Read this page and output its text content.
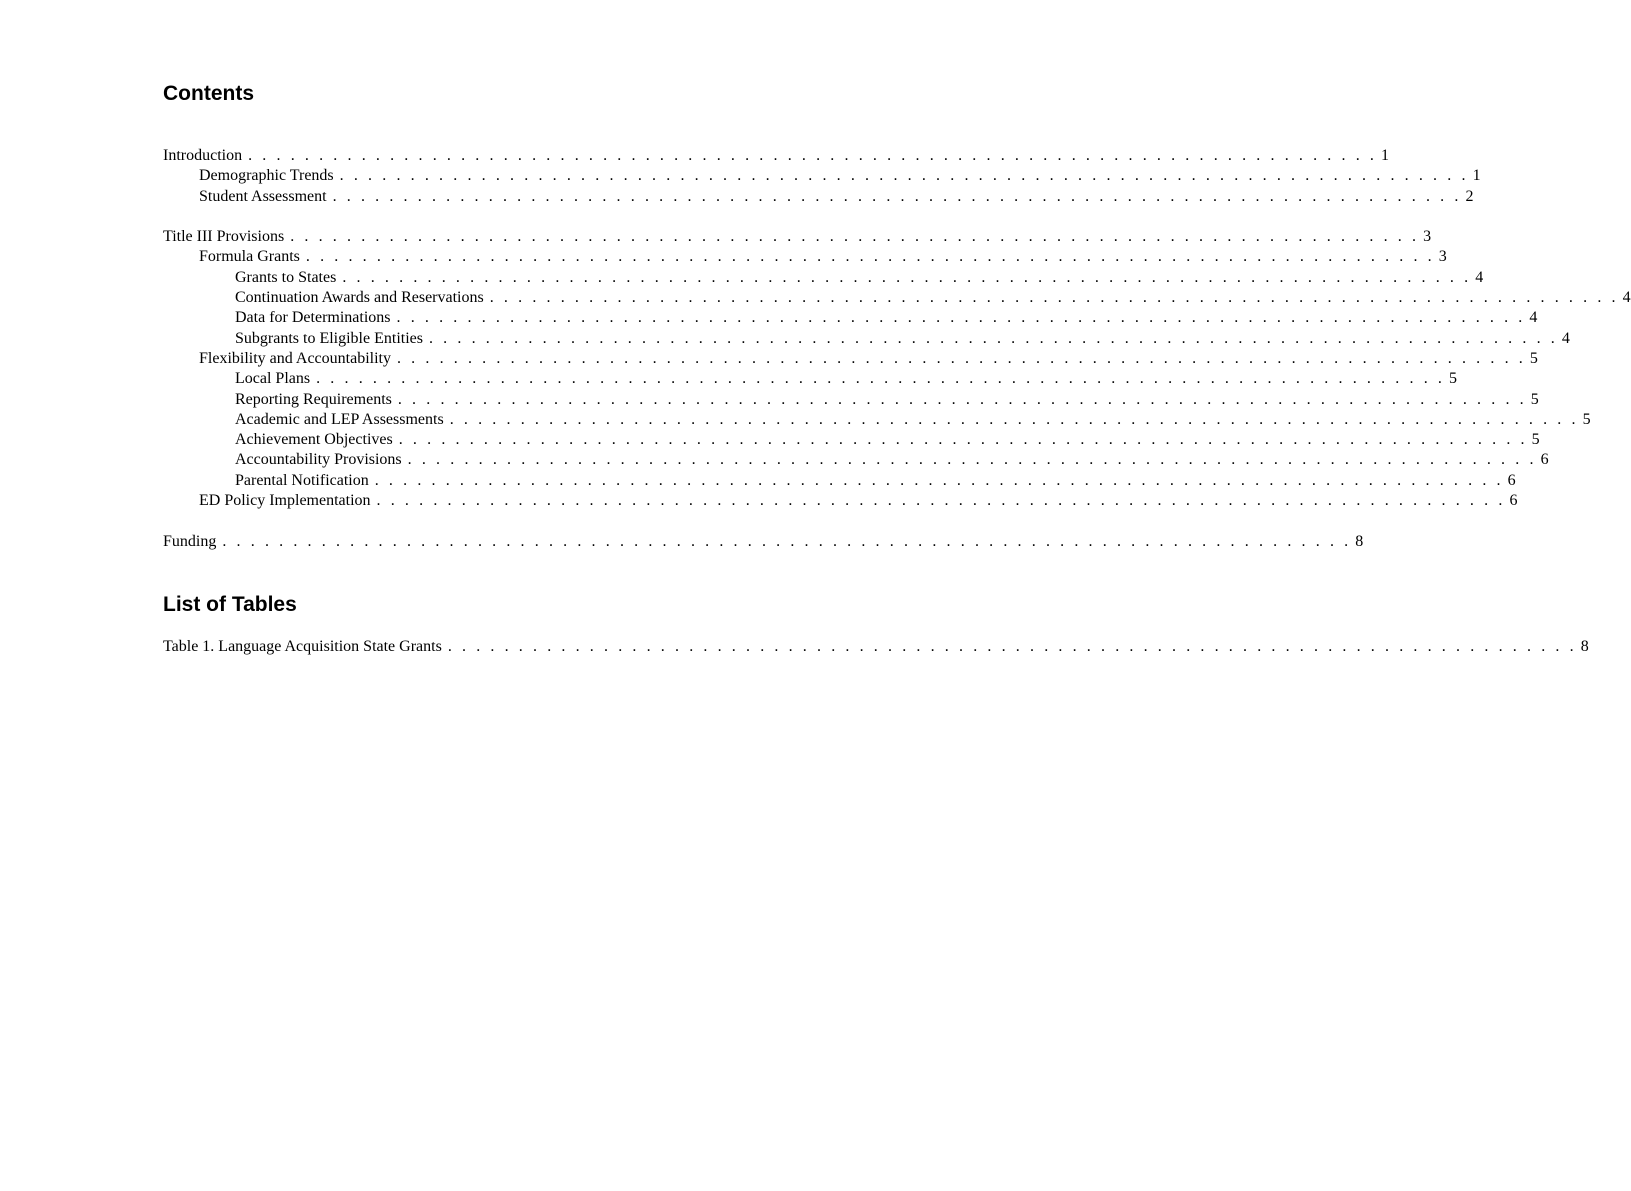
Contents
Introduction . . . . . . . . . . . . . . . . . . . . . . . . . . . . . . . . . . . . . . . . . . . . . . . . . . . . . . . . . . . . . . . . . . . . . . . . . . . . . . . . 1
Demographic Trends . . . . . . . . . . . . . . . . . . . . . . . . . . . . . . . . . . . . . . . . . . . . . . . . . . . . . . . . . . . . . . . . . . . . . . . . . . . . . . . . 1
Student Assessment . . . . . . . . . . . . . . . . . . . . . . . . . . . . . . . . . . . . . . . . . . . . . . . . . . . . . . . . . . . . . . . . . . . . . . . . . . . . . . . . 2
Title III Provisions . . . . . . . . . . . . . . . . . . . . . . . . . . . . . . . . . . . . . . . . . . . . . . . . . . . . . . . . . . . . . . . . . . . . . . . . . . . . . . . . 3
Formula Grants . . . . . . . . . . . . . . . . . . . . . . . . . . . . . . . . . . . . . . . . . . . . . . . . . . . . . . . . . . . . . . . . . . . . . . . . . . . . . . . . 3
Grants to States . . . . . . . . . . . . . . . . . . . . . . . . . . . . . . . . . . . . . . . . . . . . . . . . . . . . . . . . . . . . . . . . . . . . . . . . . . . . . . . . 4
Continuation Awards and Reservations . . . . . . . . . . . . . . . . . . . . . . . . . . . . . . . . . . . . . . . . . . . . . . . . . . . . . . . . . . . . . . . . . . . . . . . . . . . . . . . . 4
Data for Determinations . . . . . . . . . . . . . . . . . . . . . . . . . . . . . . . . . . . . . . . . . . . . . . . . . . . . . . . . . . . . . . . . . . . . . . . . . . . . . . . . 4
Subgrants to Eligible Entities . . . . . . . . . . . . . . . . . . . . . . . . . . . . . . . . . . . . . . . . . . . . . . . . . . . . . . . . . . . . . . . . . . . . . . . . . . . . . . . . 4
Flexibility and Accountability . . . . . . . . . . . . . . . . . . . . . . . . . . . . . . . . . . . . . . . . . . . . . . . . . . . . . . . . . . . . . . . . . . . . . . . . . . . . . . . . 5
Local Plans . . . . . . . . . . . . . . . . . . . . . . . . . . . . . . . . . . . . . . . . . . . . . . . . . . . . . . . . . . . . . . . . . . . . . . . . . . . . . . . . 5
Reporting Requirements . . . . . . . . . . . . . . . . . . . . . . . . . . . . . . . . . . . . . . . . . . . . . . . . . . . . . . . . . . . . . . . . . . . . . . . . . . . . . . . . 5
Academic and LEP Assessments . . . . . . . . . . . . . . . . . . . . . . . . . . . . . . . . . . . . . . . . . . . . . . . . . . . . . . . . . . . . . . . . . . . . . . . . . . . . . . . . 5
Achievement Objectives . . . . . . . . . . . . . . . . . . . . . . . . . . . . . . . . . . . . . . . . . . . . . . . . . . . . . . . . . . . . . . . . . . . . . . . . . . . . . . . . 5
Accountability Provisions . . . . . . . . . . . . . . . . . . . . . . . . . . . . . . . . . . . . . . . . . . . . . . . . . . . . . . . . . . . . . . . . . . . . . . . . . . . . . . . . 6
Parental Notification . . . . . . . . . . . . . . . . . . . . . . . . . . . . . . . . . . . . . . . . . . . . . . . . . . . . . . . . . . . . . . . . . . . . . . . . . . . . . . . . 6
ED Policy Implementation . . . . . . . . . . . . . . . . . . . . . . . . . . . . . . . . . . . . . . . . . . . . . . . . . . . . . . . . . . . . . . . . . . . . . . . . . . . . . . . . 6
Funding . . . . . . . . . . . . . . . . . . . . . . . . . . . . . . . . . . . . . . . . . . . . . . . . . . . . . . . . . . . . . . . . . . . . . . . . . . . . . . . . 8
List of Tables
Table 1. Language Acquisition State Grants . . . . . . . . . . . . . . . . . . . . . . . . . . . . . . . . . . . . . . . . . . . . . . . . . . . . . . . . . . . . . . . . . . . . . . . . . . . . . . . . 8
